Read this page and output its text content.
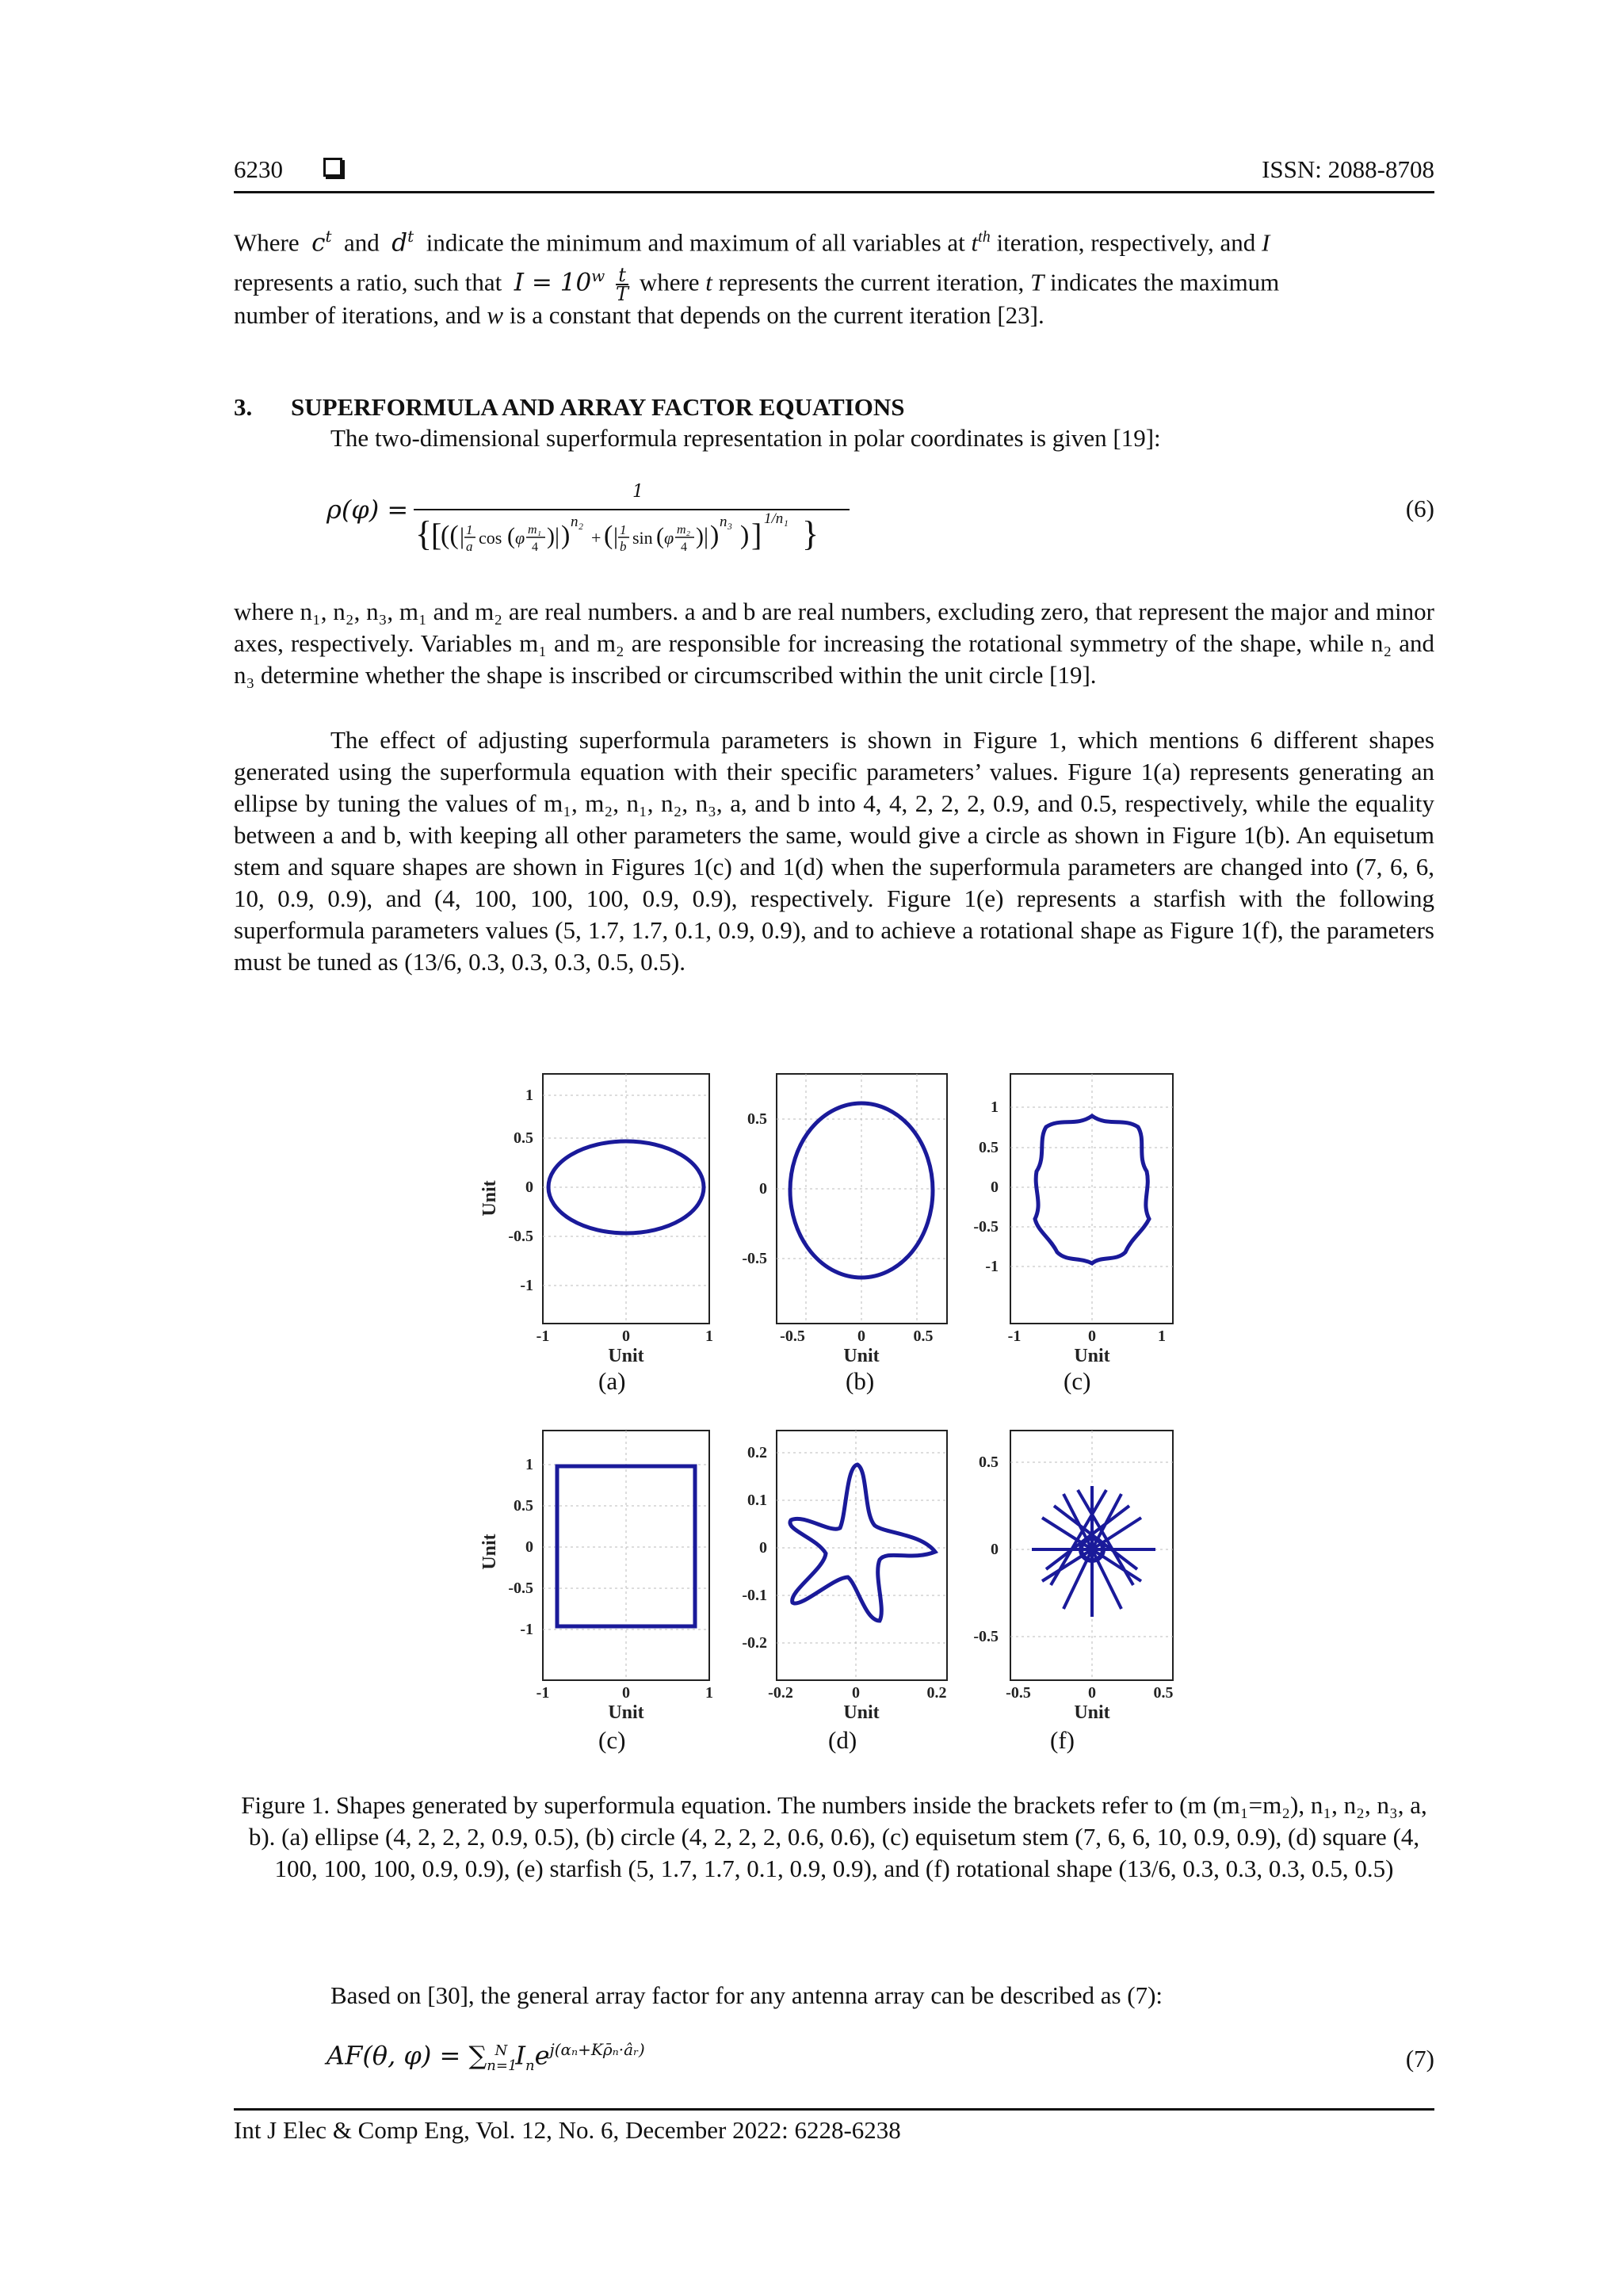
6230	ISSN: 2088-8708
Where $c^t$ and $d^t$ indicate the minimum and maximum of all variables at $t^{th}$ iteration, respectively, and I
represents a ratio, such that $I = 10^w \frac{t}{T}$ where t represents the current iteration, T indicates the maximum
number of iterations, and w is a constant that depends on the current iteration [23].
3. SUPERFORMULA AND ARRAY FACTOR EQUATIONS
The two-dimensional superformula representation in polar coordinates is given [19]:
ρ(φ) =
1
{
[
(( | 1
a cos ( φ m₁
4 ) | ) n₂
+ ( | 1
b sin ( φ m₂
4 ) | ) n₃ ) ] 1/n₁ }
(6)
where n₁, n₂, n₃, m₁ and m₂ are real numbers. a and b are real numbers, excluding zero, that represent the major and minor axes, respectively. Variables m₁ and m₂ are responsible for increasing the rotational symmetry of the shape, while n₂ and n₃ determine whether the shape is inscribed or circumscribed within the unit circle [19].
The effect of adjusting superformula parameters is shown in Figure 1, which mentions 6 different shapes generated using the superformula equation with their specific parameters’ values. Figure 1(a) represents generating an ellipse by tuning the values of m₁, m₂, n₁, n₂, n₃, a, and b into 4, 4, 2, 2, 2, 0.9, and 0.5, respectively, while the equality between a and b, with keeping all other parameters the same, would give a circle as shown in Figure 1(b). An equisetum stem and square shapes are shown in Figures 1(c) and 1(d) when the superformula parameters are changed into (7, 6, 6, 10, 0.9, 0.9), and (4, 100, 100, 100, 0.9, 0.9), respectively. Figure 1(e) represents a starfish with the following superformula parameters values (5, 1.7, 1.7, 0.1, 0.9, 0.9), and to achieve a rotational shape as Figure 1(f), the parameters must be tuned as (13/6, 0.3, 0.3, 0.3, 0.5, 0.5).
1
0.5
0
-0.5
-1
-1	0	1
Unit
Unit
0.5
0
-0.5
-0.5	0	0.5
Unit
1
0.5
0
-0.5
-1
-1	0	1
Unit
1
0.5
0
-0.5
-1
-1	0	1
Unit
Unit
0.2
0.1
0
-0.1
-0.2
-0.2	0	0.2
Unit
0.5
0
-0.5
-0.5	0	0.5
Unit
(a)	(b)	(c)
(c)	(d)	(f)
Figure 1. Shapes generated by superformula equation. The numbers inside the brackets refer to (m (m₁=m₂), n₁, n₂, n₃, a, b). (a) ellipse (4, 2, 2, 2, 0.9, 0.5), (b) circle (4, 2, 2, 2, 0.6, 0.6), (c) equisetum stem (7, 6, 6, 10, 0.9, 0.9), (d) square (4, 100, 100, 100, 0.9, 0.9), (e) starfish (5, 1.7, 1.7, 0.1, 0.9, 0.9), and (f) rotational shape (13/6, 0.3, 0.3, 0.3, 0.5, 0.5)
Based on [30], the general array factor for any antenna array can be described as (7):
AF(θ, $\varphi) = \sum_{n=1}^N$ $I_ne^{j(\alpha_n+K\rhō_n\cdot âᵣ)}$	(7)
Int J Elec & Comp Eng, Vol. 12, No. 6, December 2022: 6228-6238
